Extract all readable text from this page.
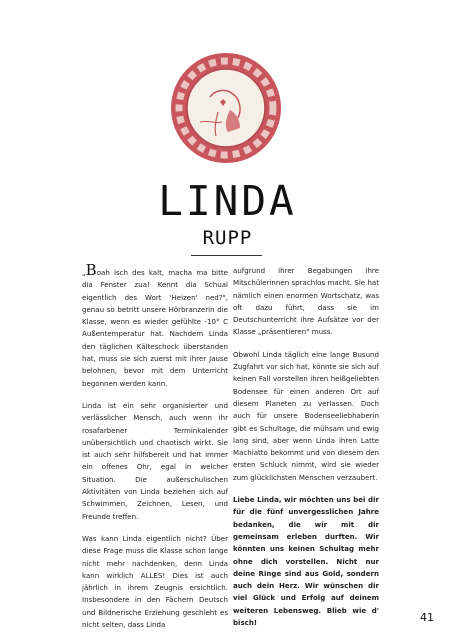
LINDA
RUPP

„Boah isch des kalt, macha ma bitte dia Fenster zua! Kennt dia Schual eigentlich des Wort 'Heizen' ned?", genau so betritt unsere Hörbranzerin die Klasse, wenn es wieder gefühlte -10° C Außentemperatur hat. Nachdem Linda den täglichen Kälteschock überstanden hat, muss sie sich zuerst mit ihrer Jause belohnen, bevor mit dem Unterricht begonnen werden kann.

Linda ist ein sehr organisierter und verlässlicher Mensch, auch wenn ihr rosafarbener Terminkalender unübersichtlich und chaotisch wirkt. Sie ist auch sehr hilfsbereit und hat immer ein offenes Ohr, egal in welcher Situation. Die außerschulischen Aktivitäten von Linda beziehen sich auf Schwimmen, Zeichnen, Lesen, und Freunde treffen.

Was kann Linda eigentlich nicht? Über diese Frage muss die Klasse schon lange nicht mehr nachdenken, denn Linda kann wirklich ALLES! Dies ist auch jährlich in ihrem Zeugnis ersichtlich. Insbesondere in den Fächern Deutsch und Bildnerische Erziehung geschieht es nicht selten, dass Linda

aufgrund ihrer Begabungen ihre Mitschülerinnen sprachlos macht. Sie hat nämlich einen enormen Wortschatz, was oft dazu führt, dass sie im Deutschunterricht ihre Aufsätze vor der Klasse „präsentieren" muss.

Obwohl Linda täglich eine lange Busund Zugfahrt vor sich hat, könnte sie sich auf keinen Fall vorstellen ihren heißgeliebten Bodensee für einen anderen Ort auf diesem Planeten zu verlassen. Doch auch für unsere Bodenseeliebhaberin gibt es Schultage, die mühsam und ewig lang sind, aber wenn Linda ihren Latte Machiatto bekommt und von diesem den ersten Schluck nimmt, wird sie wieder zum glücklichsten Menschen verzaubert.

Liebe Linda, wir möchten uns bei dir für die fünf unvergesslichen Jahre bedanken, die wir mit dir gemeinsam erleben durften. Wir könnten uns keinen Schultag mehr ohne dich vorstellen. Nicht nur deine Ringe sind aus Gold, sondern auch dein Herz. Wir wünschen dir viel Glück und Erfolg auf deinem weiteren Lebensweg. Blieb wie d' bisch!	41
